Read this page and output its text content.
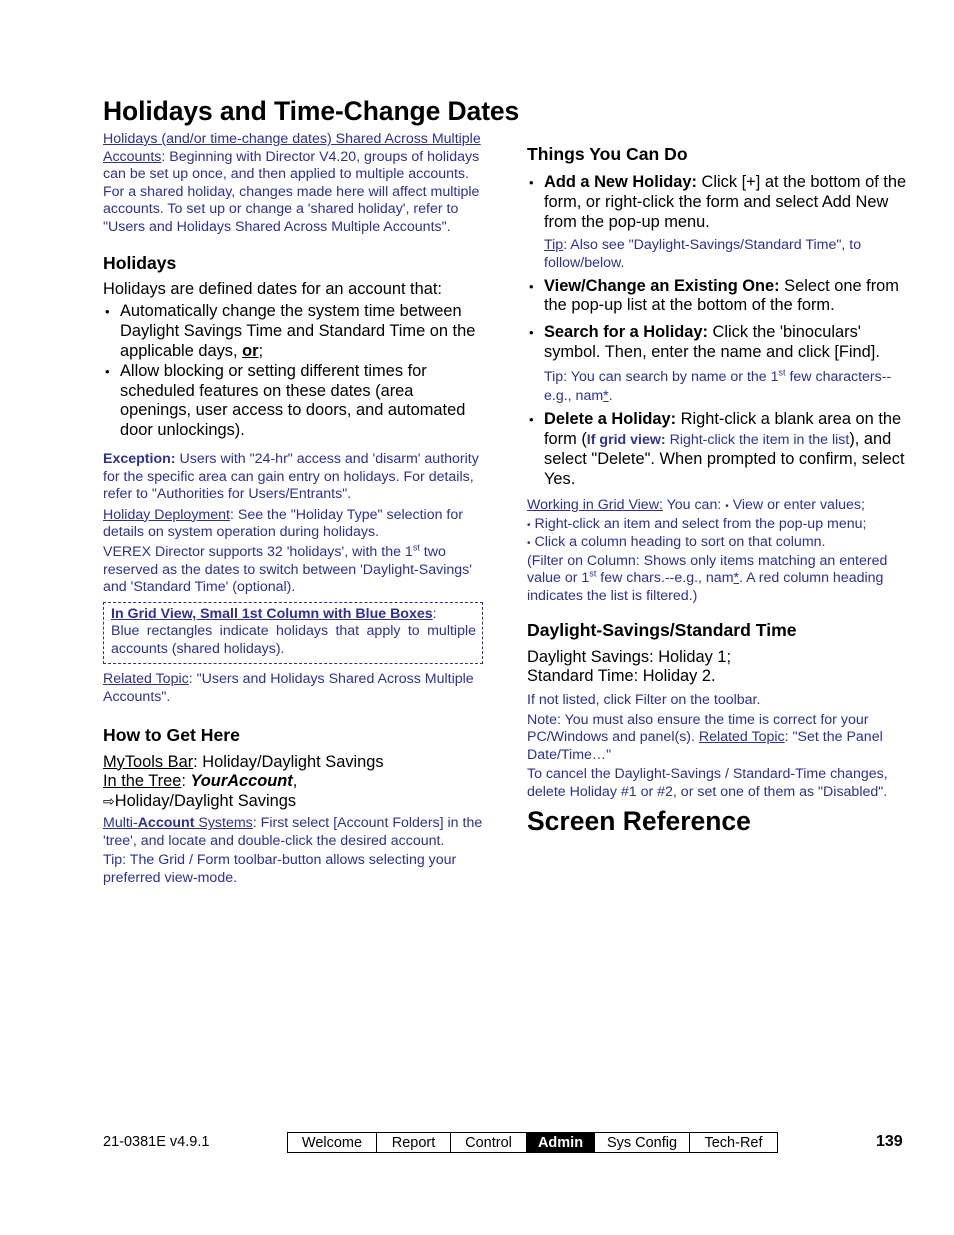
Holidays and Time-Change Dates

Holidays (and/or time-change dates) Shared Across Multiple Accounts: Beginning with Director V4.20, groups of holidays can be set up once, and then applied to multiple accounts. For a shared holiday, changes made here will affect multiple accounts. To set up or change a 'shared holiday', refer to "Users and Holidays Shared Across Multiple Accounts".

Holidays

Holidays are defined dates for an account that:

• Automatically change the system time between Daylight Savings Time and Standard Time on the applicable days, or;
• Allow blocking or setting different times for scheduled features on these dates (area openings, user access to doors, and automated door unlockings).

Exception: Users with "24-hr" access and 'disarm' authority for the specific area can gain entry on holidays. For details, refer to "Authorities for Users/Entrants".

Holiday Deployment: See the "Holiday Type" selection for details on system operation during holidays.

VEREX Director supports 32 'holidays', with the 1st two reserved as the dates to switch between 'Daylight-Savings' and 'Standard Time' (optional).

In Grid View, Small 1st Column with Blue Boxes:

Blue rectangles indicate holidays that apply to multiple accounts (shared holidays).

Related Topic: "Users and Holidays Shared Across Multiple Accounts".

How to Get Here

MyTools Bar: Holiday/Daylight Savings

In the Tree: YourAccount,
⇨Holiday/Daylight Savings

Multi-Account Systems: First select [Account Folders] in the 'tree', and locate and double-click the desired account.

Tip: The Grid / Form toolbar-button allows selecting your preferred view-mode.

Things You Can Do
• Add a New Holiday: Click [+] at the bottom of the form, or right-click the form and select Add New from the pop-up menu.

Tip: Also see "Daylight-Savings/Standard Time", to follow/below.

• View/Change an Existing One: Select one from the pop-up list at the bottom of the form.
• Search for a Holiday: Click the 'binoculars' symbol. Then, enter the name and click [Find].

Tip: You can search by name or the 1st few characters--e.g., nam*.

• Delete a Holiday: Right-click a blank area on the form (If grid view: Right-click the item in the list), and select "Delete". When prompted to confirm, select Yes.

Working in Grid View: You can: • View or enter values;
• Right-click an item and select from the pop-up menu;
• Click a column heading to sort on that column.
(Filter on Column: Shows only items matching an entered value or 1st few chars.--e.g., nam*. A red column heading indicates the list is filtered.)

Daylight-Savings/Standard Time

Daylight Savings: Holiday 1;

Standard Time: Holiday 2.

If not listed, click Filter on the toolbar.

Note: You must also ensure the time is correct for your PC/Windows and panel(s). Related Topic: "Set the Panel Date/Time…"

To cancel the Daylight-Savings / Standard-Time changes, delete Holiday #1 or #2, or set one of them as "Disabled".

Screen Reference
21-0381E v4.9.1	Welcome	Report	Control	Admin	Sys Config	Tech-Ref	139
